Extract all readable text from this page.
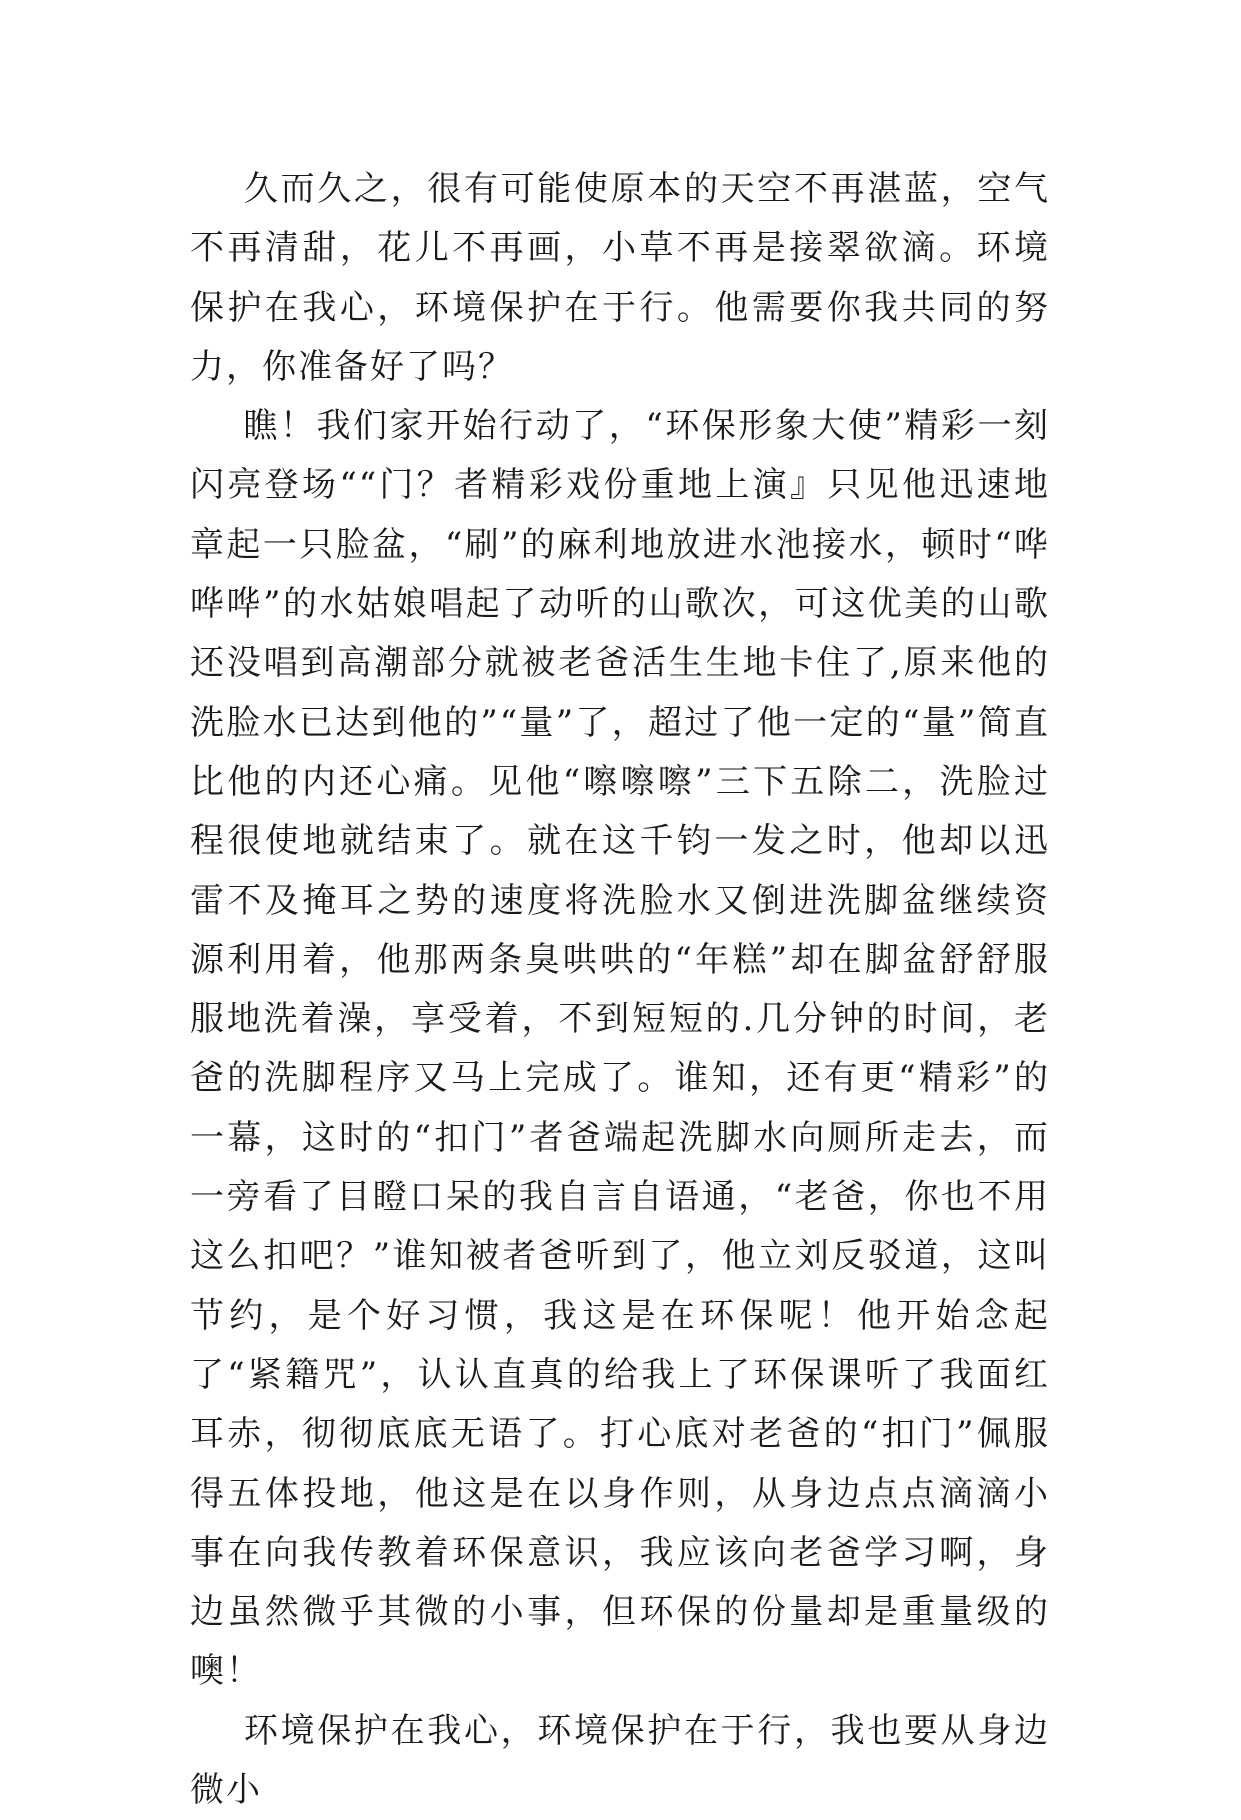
久而久之，很有可能使原本的天空不再湛蓝，空气不再清甜，花儿不再画，小草不再是接翠欲滴。环境保护在我心，环境保护在于行。他需要你我共同的努力，你准备好了吗？

瞧！我们家开始行动了，“环保形象大使”精彩一刻闪亮登场““门？者精彩戏份重地上演』只见他迅速地章起一只脸盆，“刷”的麻利地放进水池接水，顿时“哗哗哗”的水姑娘唱起了动听的山歌次，可这优美的山歌还没唱到高潮部分就被老爸活生生地卡住了,原来他的洗脸水已达到他的”“量”了，超过了他一定的“量”简直比他的内还心痛。见他“嚓嚓嚓”三下五除二，洗脸过程很使地就结束了。就在这千钧一发之时，他却以迅雷不及掩耳之势的速度将洗脸水又倒进洗脚盆继续资源利用着，他那两条臭哄哄的“年糕”却在脚盆舒舒服服地洗着澡，享受着，不到短短的.几分钟的时间，老爸的洗脚程序又马上完成了。谁知，还有更“精彩”的一幕，这时的“扣门”者爸端起洗脚水向厕所走去，而一旁看了目瞪口呆的我自言自语通，“老爸，你也不用这么扣吧？”谁知被者爸听到了，他立刘反驳道，这叫节约，是个好习惯，我这是在环保呢！他开始念起了“紧籍咒”，认认直真的给我上了环保课听了我面红耳赤，彻彻底底无语了。打心底对老爸的“扣门”佩服得五体投地，他这是在以身作则，从身边点点滴滴小事在向我传教着环保意识，我应该向老爸学习啊，身边虽然微乎其微的小事，但环保的份量却是重量级的噢！

环境保护在我心，环境保护在于行，我也要从身边微小
